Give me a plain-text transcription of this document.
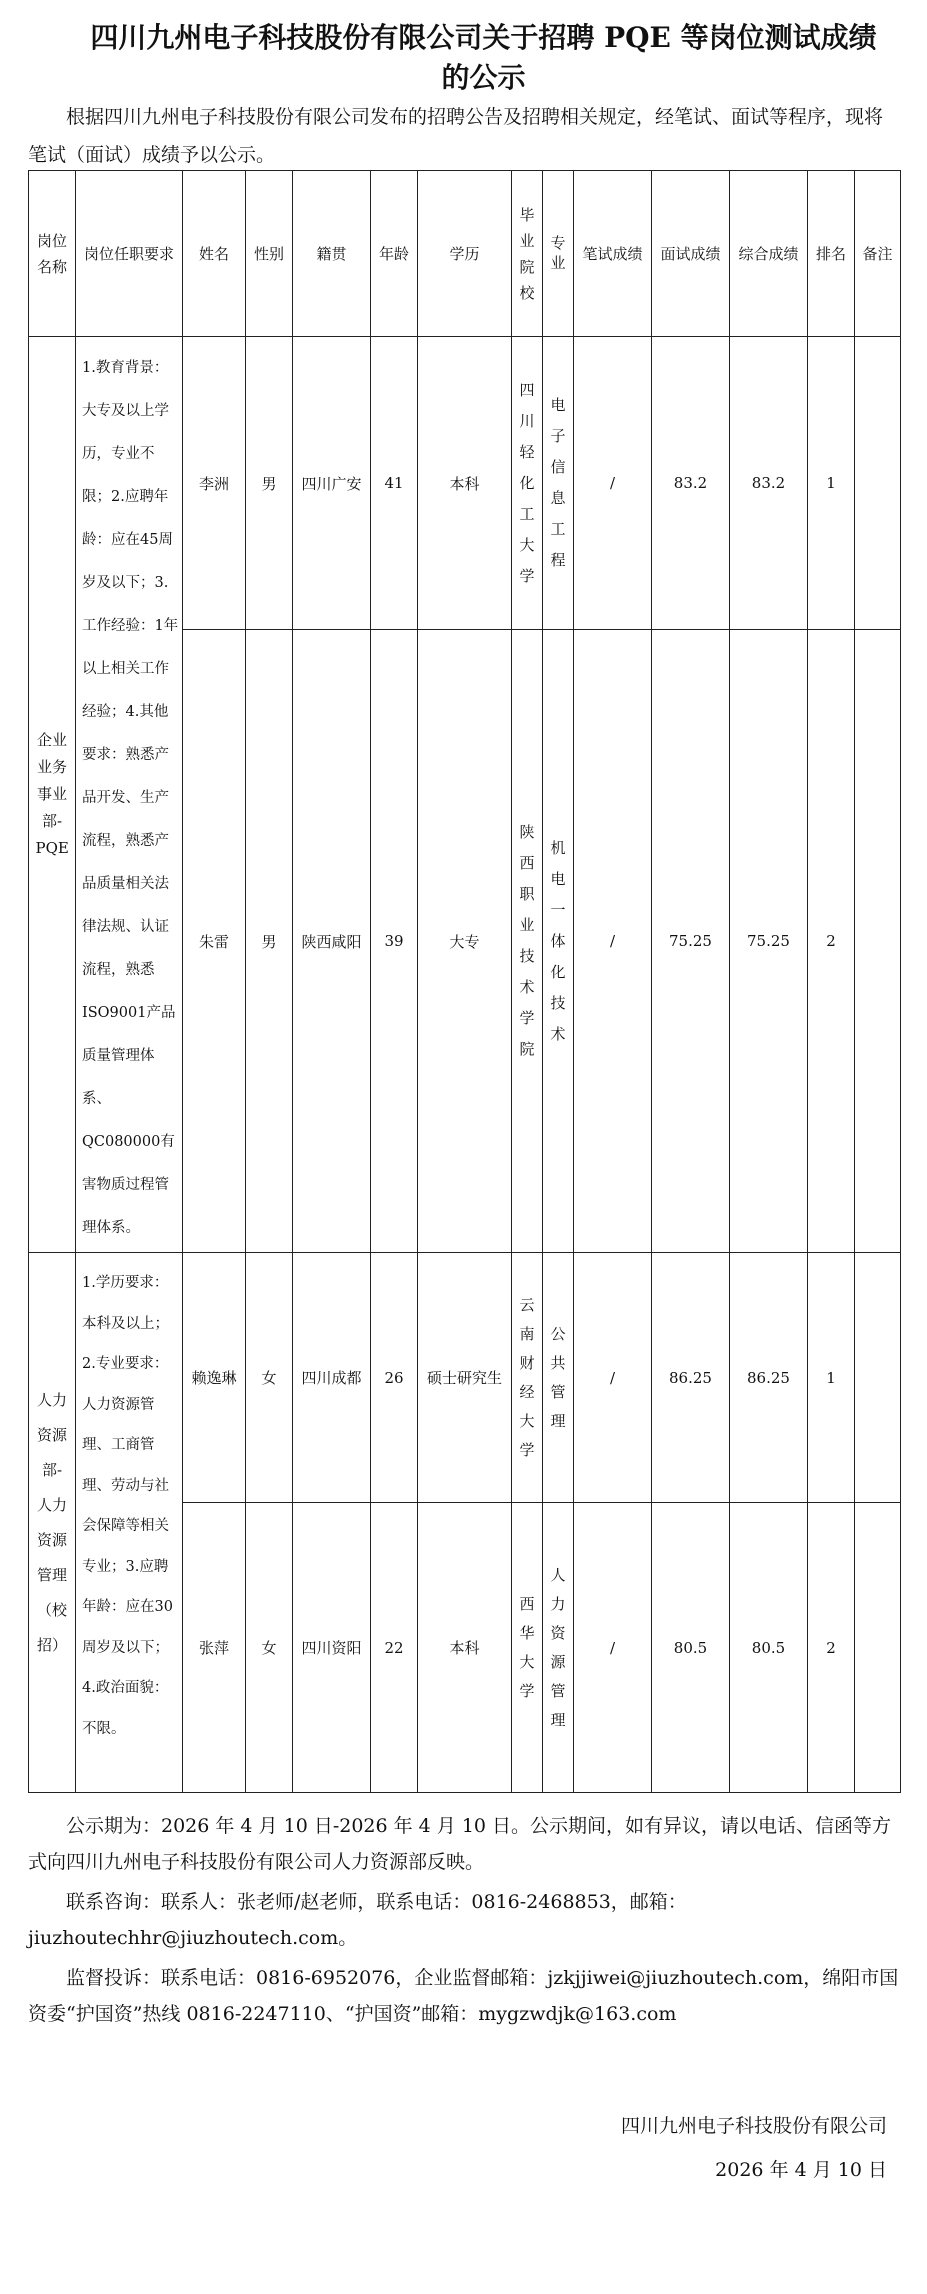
四川九州电子科技股份有限公司关于招聘 PQE 等岗位测试成绩
的公示
根据四川九州电子科技股份有限公司发布的招聘公告及招聘相关规定，经笔试、面试等程序，现将笔试（面试）成绩予以公示。
岗位名称	岗位任职要求	姓名	性别	籍贯	年龄	学历	毕业院校	专业	笔试成绩	面试成绩	综合成绩	排名	备注
企业业务事业部-PQE	1.教育背景：大专及以上学历，专业不限；2.应聘年龄：应在45周岁及以下；3.工作经验：1年以上相关工作经验；4.其他要求：熟悉产品开发、生产流程，熟悉产品质量相关法律法规、认证流程，熟悉ISO9001产品质量管理体系、QC080000有害物质过程管理体系。	李洲	男	四川广安	41	本科	四川轻化工大学	电子信息工程	/	83.2	83.2	1	
		朱雷	男	陕西咸阳	39	大专	陕西职业技术学院	机电一体化技术	/	75.25	75.25	2	
人力资源部-人力资源管理（校招）	1.学历要求：本科及以上；2.专业要求：人力资源管理、工商管理、劳动与社会保障等相关专业；3.应聘年龄：应在30周岁及以下；4.政治面貌：不限。	赖逸琳	女	四川成都	26	硕士研究生	云南财经大学	公共管理	/	86.25	86.25	1	
		张萍	女	四川资阳	22	本科	西华大学	人力资源管理	/	80.5	80.5	2	

公示期为：2026 年 4 月 10 日-2026 年 4 月 10 日。公示期间，如有异议，请以电话、信函等方式向四川九州电子科技股份有限公司人力资源部反映。

联系咨询：联系人：张老师/赵老师，联系电话：0816-2468853，邮箱：jiuzhoutechhr@jiuzhoutech.com。

监督投诉：联系电话：0816-6952076，企业监督邮箱：jzkjjiwei@jiuzhoutech.com，绵阳市国资委“护国资”热线 0816-2247110、“护国资”邮箱：mygzwdjk@163.com

四川九州电子科技股份有限公司
2026 年 4 月 10 日
